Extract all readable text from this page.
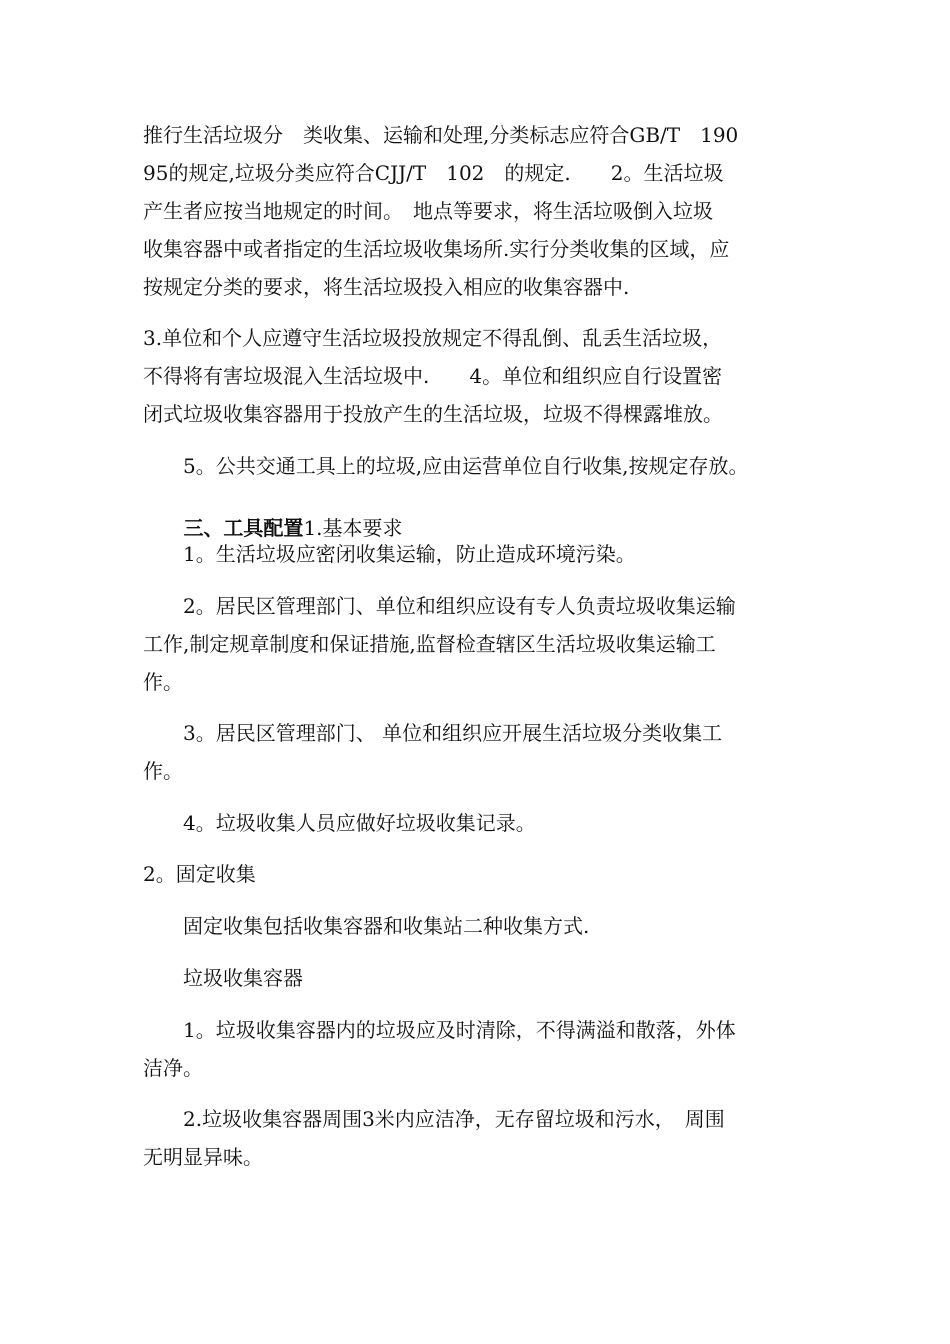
推行生活垃圾分　类收集、运输和处理,分类标志应符合GB/T　190
95的规定,垃圾分类应符合CJJ/T　102　的规定.　　2。生活垃圾
产生者应按当地规定的时间。　地点等要求，将生活垃吸倒入垃圾
收集容器中或者指定的生活垃圾收集场所.实行分类收集的区域，应
按规定分类的要求，将生活垃圾投入相应的收集容器中.
3.单位和个人应遵守生活垃圾投放规定不得乱倒、乱丢生活垃圾，
不得将有害垃圾混入生活垃圾中.　　4。单位和组织应自行设置密
闭式垃圾收集容器用于投放产生的生活垃圾，垃圾不得棵露堆放。
　　5。公共交通工具上的垃圾,应由运营单位自行收集,按规定存放。

三、工具配置1.基本要求

　　1。生活垃圾应密闭收集运输，防止造成环境污染。
　　2。居民区管理部门、单位和组织应设有专人负责垃圾收集运输
工作,制定规章制度和保证措施,监督检查辖区生活垃圾收集运输工
作。
　　3。居民区管理部门、 单位和组织应开展生活垃圾分类收集工
作。
　　4。垃圾收集人员应做好垃圾收集记录。
2。固定收集
　　固定收集包括收集容器和收集站二种收集方式.
　　垃圾收集容器
　　1。垃圾收集容器内的垃圾应及时清除，不得满溢和散落，外体
洁净。
　　2.垃圾收集容器周围3米内应洁净，无存留垃圾和污水，　周围
无明显异味。
